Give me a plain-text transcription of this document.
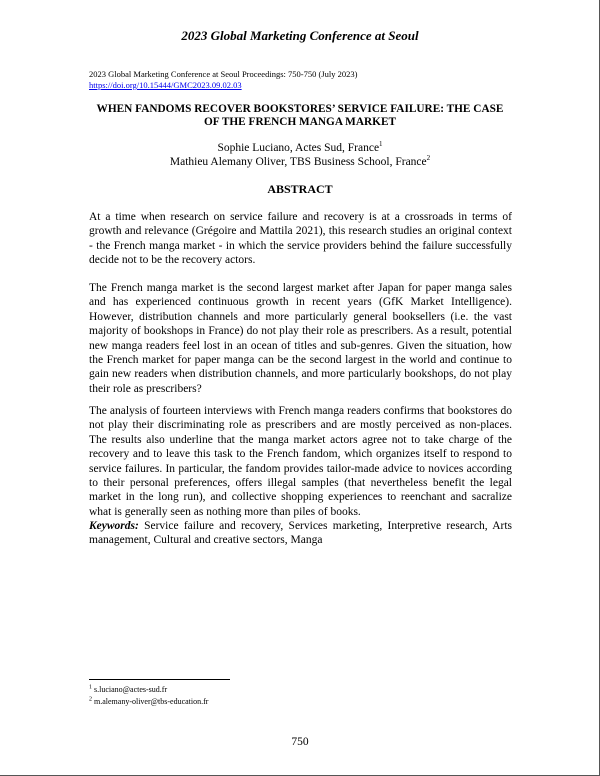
2023 Global Marketing Conference at Seoul
2023 Global Marketing Conference at Seoul Proceedings: 750-750 (July 2023)
https://doi.org/10.15444/GMC2023.09.02.03
WHEN FANDOMS RECOVER BOOKSTORES’ SERVICE FAILURE: THE CASE OF THE FRENCH MANGA MARKET
Sophie Luciano, Actes Sud, France$^1$
Mathieu Alemany Oliver, TBS Business School, France$^2$
ABSTRACT

At a time when research on service failure and recovery is at a crossroads in terms of growth and relevance (Grégoire and Mattila 2021), this research studies an original context - the French manga market - in which the service providers behind the failure successfully decide not to be the recovery actors.

The French manga market is the second largest market after Japan for paper manga sales and has experienced continuous growth in recent years (GfK Market Intelligence). However, distribution channels and more particularly general booksellers (i.e. the vast majority of bookshops in France) do not play their role as prescribers. As a result, potential new manga readers feel lost in an ocean of titles and sub-genres. Given the situation, how the French market for paper manga can be the second largest in the world and continue to gain new readers when distribution channels, and more particularly bookshops, do not play their role as prescribers?

The analysis of fourteen interviews with French manga readers confirms that bookstores do not play their discriminating role as prescribers and are mostly perceived as non-places. The results also underline that the manga market actors agree not to take charge of the recovery and to leave this task to the French fandom, which organizes itself to respond to service failures. In particular, the fandom provides tailor-made advice to novices according to their personal preferences, offers illegal samples (that nevertheless benefit the legal market in the long run), and collective shopping experiences to reenchant and sacralize what is generally seen as nothing more than piles of books.

Keywords: Service failure and recovery, Services marketing, Interpretive research, Arts management, Cultural and creative sectors, Manga

$^1$ s.luciano@actes-sud.fr
$^2$ m.alemany-oliver@tbs-education.fr
750
